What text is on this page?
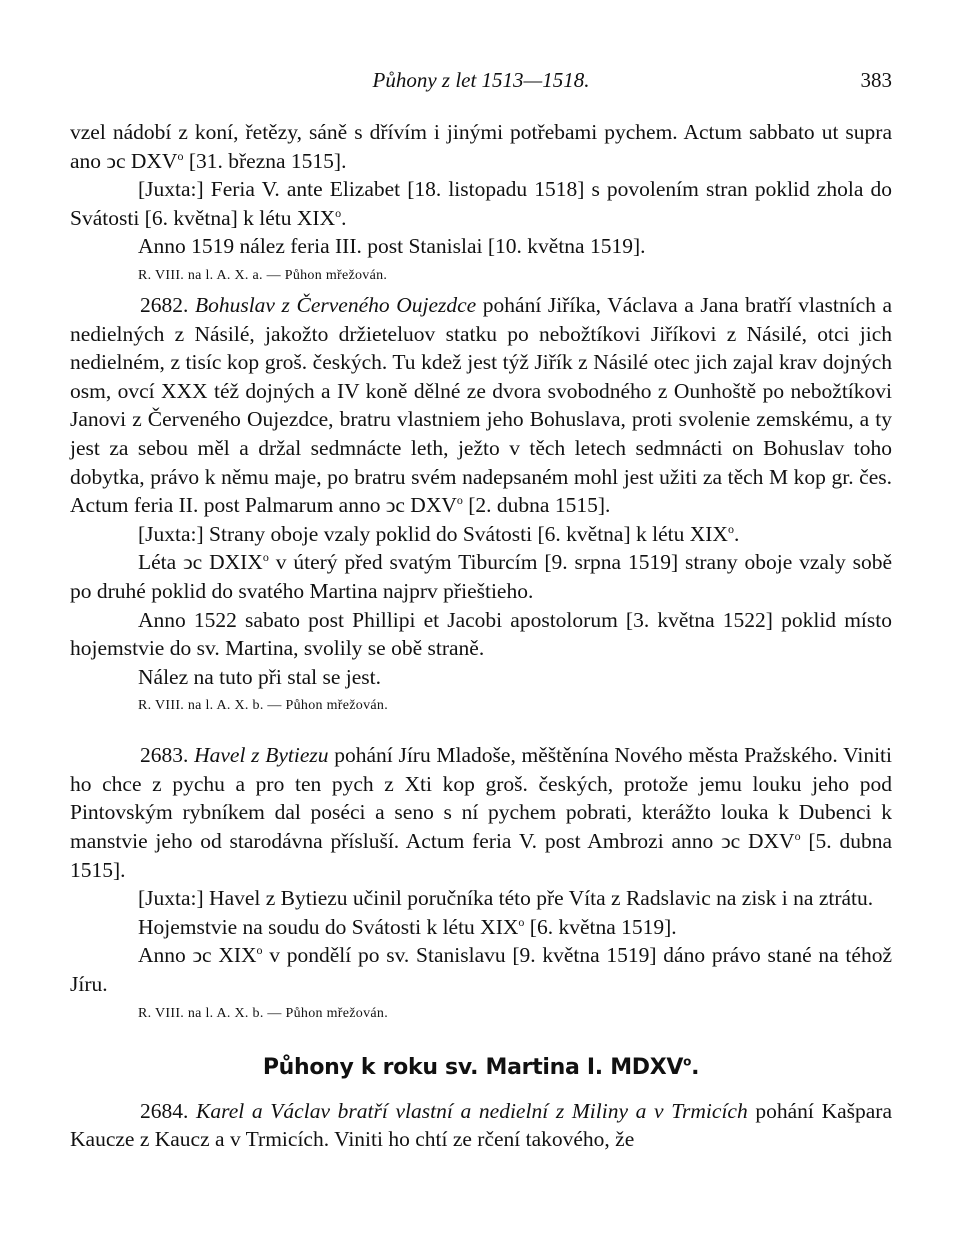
Půhony z let 1513—1518.	383

vzel nádobí z koní, řetězy, sáně s dřívím i jinými potřebami pychem. Actum sabbato ut supra ano ͻc DXV$^o$ [31. března 1515].

[Juxta:] Feria V. ante Elizabet [18. listopadu 1518] s povolením stran poklid zhola do Svátosti [6. května] k létu XIX$^o$.

Anno 1519 nález feria III. post Stanislai [10. května 1519].

R. VIII. na l. A. X. a. — Půhon mřežován.

2682. Bohuslav z Červeného Oujezdce pohání Jiříka, Václava a Jana bratří vlastních a nedielných z Násilé, jakožto držieteluov statku po nebožtíkovi Jiříkovi z Násilé, otci jich nedielném, z tisíc kop groš. českých. Tu kdež jest týž Jiřík z Násilé otec jich zajal krav dojných osm, ovcí XXX též dojných a IV koně dělné ze dvora svobodného z Ounhoště po nebožtíkovi Janovi z Červeného Oujezdce, bratru vlastniem jeho Bohuslava, proti svolenie zemskému, a ty jest za sebou měl a držal sedmnácte leth, ježto v těch letech sedmnácti on Bohuslav toho dobytka, právo k němu maje, po bratru svém nadepsaném mohl jest užiti za těch M kop gr. čes. Actum feria II. post Palmarum anno ͻc DXV$^o$ [2. dubna 1515].

[Juxta:] Strany oboje vzaly poklid do Svátosti [6. května] k létu XIX$^o$.

Léta ͻc DXIX$^o$ v úterý před svatým Tiburcím [9. srpna 1519] strany oboje vzaly sobě po druhé poklid do svatého Martina najprv přieštieho.

Anno 1522 sabato post Phillipi et Jacobi apostolorum [3. května 1522] poklid místo hojemstvie do sv. Martina, svolily se obě straně.

Nález na tuto při stal se jest.

R. VIII. na l. A. X. b. — Půhon mřežován.

2683. Havel z Bytiezu pohání Jíru Mladoše, měštěnína Nového města Pražského. Viniti ho chce z pychu a pro ten pych z Xti kop groš. českých, protože jemu louku jeho pod Pintovským rybníkem dal poséci a seno s ní pychem pobrati, kterážto louka k Dubenci k manstvie jeho od starodávna přísluší. Actum feria V. post Ambrozi anno ͻc DXV$^o$ [5. dubna 1515].

[Juxta:] Havel z Bytiezu učinil poručníka této pře Víta z Radslavic na zisk i na ztrátu.

Hojemstvie na soudu do Svátosti k létu XIX$^o$ [6. května 1519].

Anno ͻc XIX$^o$ v pondělí po sv. Stanislavu [9. května 1519] dáno právo stané na téhož Jíru.

R. VIII. na l. A. X. b. — Půhon mřežován.

Půhony k roku sv. Martina I. MDXV$^o$.

2684. Karel a Václav bratří vlastní a nedielní z Miliny a v Trmicích pohání Kašpara Kaucze z Kaucz a v Trmicích. Viniti ho chtí ze rčení takového, že
